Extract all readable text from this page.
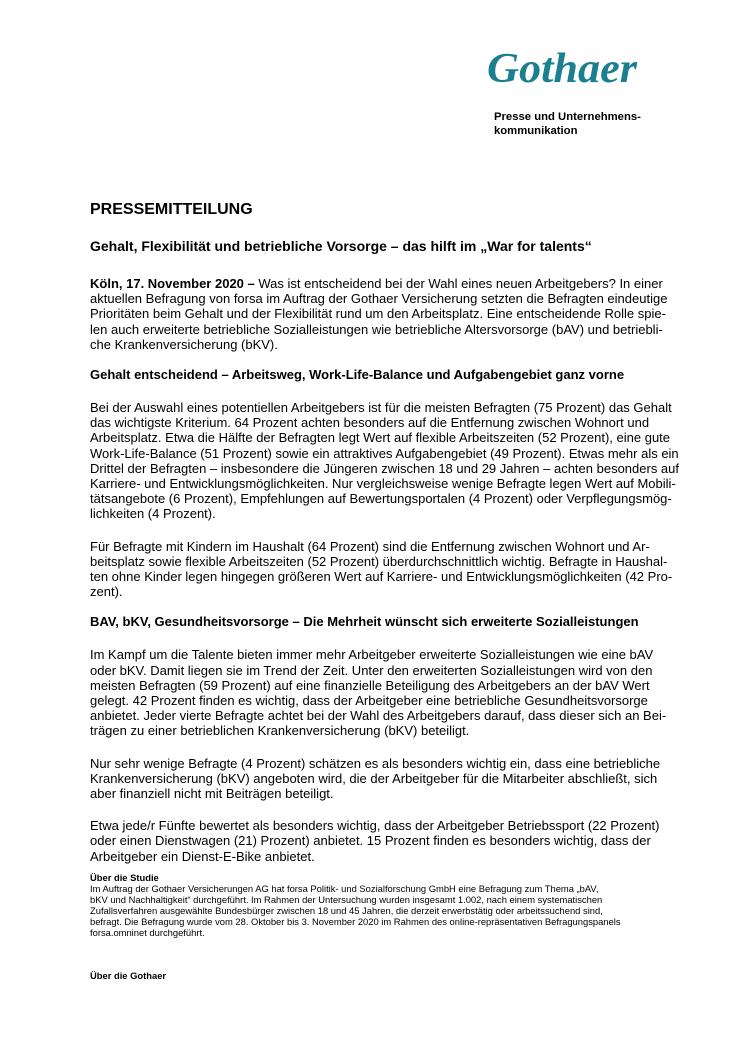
Gothaer
Presse und Unternehmens-
kommunikation
PRESSEMITTEILUNG
Gehalt, Flexibilität und betriebliche Vorsorge – das hilft im „War for talents“
Köln, 17. November 2020 – Was ist entscheidend bei der Wahl eines neuen Arbeitgebers? In einer
aktuellen Befragung von forsa im Auftrag der Gothaer Versicherung setzten die Befragten eindeutige
Prioritäten beim Gehalt und der Flexibilität rund um den Arbeitsplatz. Eine entscheidende Rolle spie-
len auch erweiterte betriebliche Sozialleistungen wie betriebliche Altersvorsorge (bAV) und betriebli-
che Krankenversicherung (bKV).
Gehalt entscheidend – Arbeitsweg, Work-Life-Balance und Aufgabengebiet ganz vorne
Bei der Auswahl eines potentiellen Arbeitgebers ist für die meisten Befragten (75 Prozent) das Gehalt
das wichtigste Kriterium. 64 Prozent achten besonders auf die Entfernung zwischen Wohnort und
Arbeitsplatz. Etwa die Hälfte der Befragten legt Wert auf flexible Arbeitszeiten (52 Prozent), eine gute
Work-Life-Balance (51 Prozent) sowie ein attraktives Aufgabengebiet (49 Prozent). Etwas mehr als ein
Drittel der Befragten – insbesondere die Jüngeren zwischen 18 und 29 Jahren – achten besonders auf
Karriere- und Entwicklungsmöglichkeiten. Nur vergleichsweise wenige Befragte legen Wert auf Mobili-
tätsangebote (6 Prozent), Empfehlungen auf Bewertungsportalen (4 Prozent) oder Verpflegungsmög-
lichkeiten (4 Prozent).
Für Befragte mit Kindern im Haushalt (64 Prozent) sind die Entfernung zwischen Wohnort und Ar-
beitsplatz sowie flexible Arbeitszeiten (52 Prozent) überdurchschnittlich wichtig. Befragte in Haushal-
ten ohne Kinder legen hingegen größeren Wert auf Karriere- und Entwicklungsmöglichkeiten (42 Pro-
zent).
BAV, bKV, Gesundheitsvorsorge – Die Mehrheit wünscht sich erweiterte Sozialleistungen
Im Kampf um die Talente bieten immer mehr Arbeitgeber erweiterte Sozialleistungen wie eine bAV
oder bKV. Damit liegen sie im Trend der Zeit. Unter den erweiterten Sozialleistungen wird von den
meisten Befragten (59 Prozent) auf eine finanzielle Beteiligung des Arbeitgebers an der bAV Wert
gelegt. 42 Prozent finden es wichtig, dass der Arbeitgeber eine betriebliche Gesundheitsvorsorge
anbietet. Jeder vierte Befragte achtet bei der Wahl des Arbeitgebers darauf, dass dieser sich an Bei-
trägen zu einer betrieblichen Krankenversicherung (bKV) beteiligt.
Nur sehr wenige Befragte (4 Prozent) schätzen es als besonders wichtig ein, dass eine betriebliche
Krankenversicherung (bKV) angeboten wird, die der Arbeitgeber für die Mitarbeiter abschließt, sich
aber finanziell nicht mit Beiträgen beteiligt.
Etwa jede/r Fünfte bewertet als besonders wichtig, dass der Arbeitgeber Betriebssport (22 Prozent)
oder einen Dienstwagen (21) Prozent) anbietet. 15 Prozent finden es besonders wichtig, dass der
Arbeitgeber ein Dienst-E-Bike anbietet.
Über die Studie
Im Auftrag der Gothaer Versicherungen AG hat forsa Politik- und Sozialforschung GmbH eine Befragung zum Thema „bAV,
bKV und Nachhaltigkeit“ durchgeführt. Im Rahmen der Untersuchung wurden insgesamt 1.002, nach einem systematischen
Zufallsverfahren ausgewählte Bundesbürger zwischen 18 und 45 Jahren, die derzeit erwerbstätig oder arbeitssuchend sind,
befragt. Die Befragung wurde vom 28. Oktober bis 3. November 2020 im Rahmen des online-repräsentativen Befragungspanels
forsa.omninet durchgeführt.
Über die Gothaer
